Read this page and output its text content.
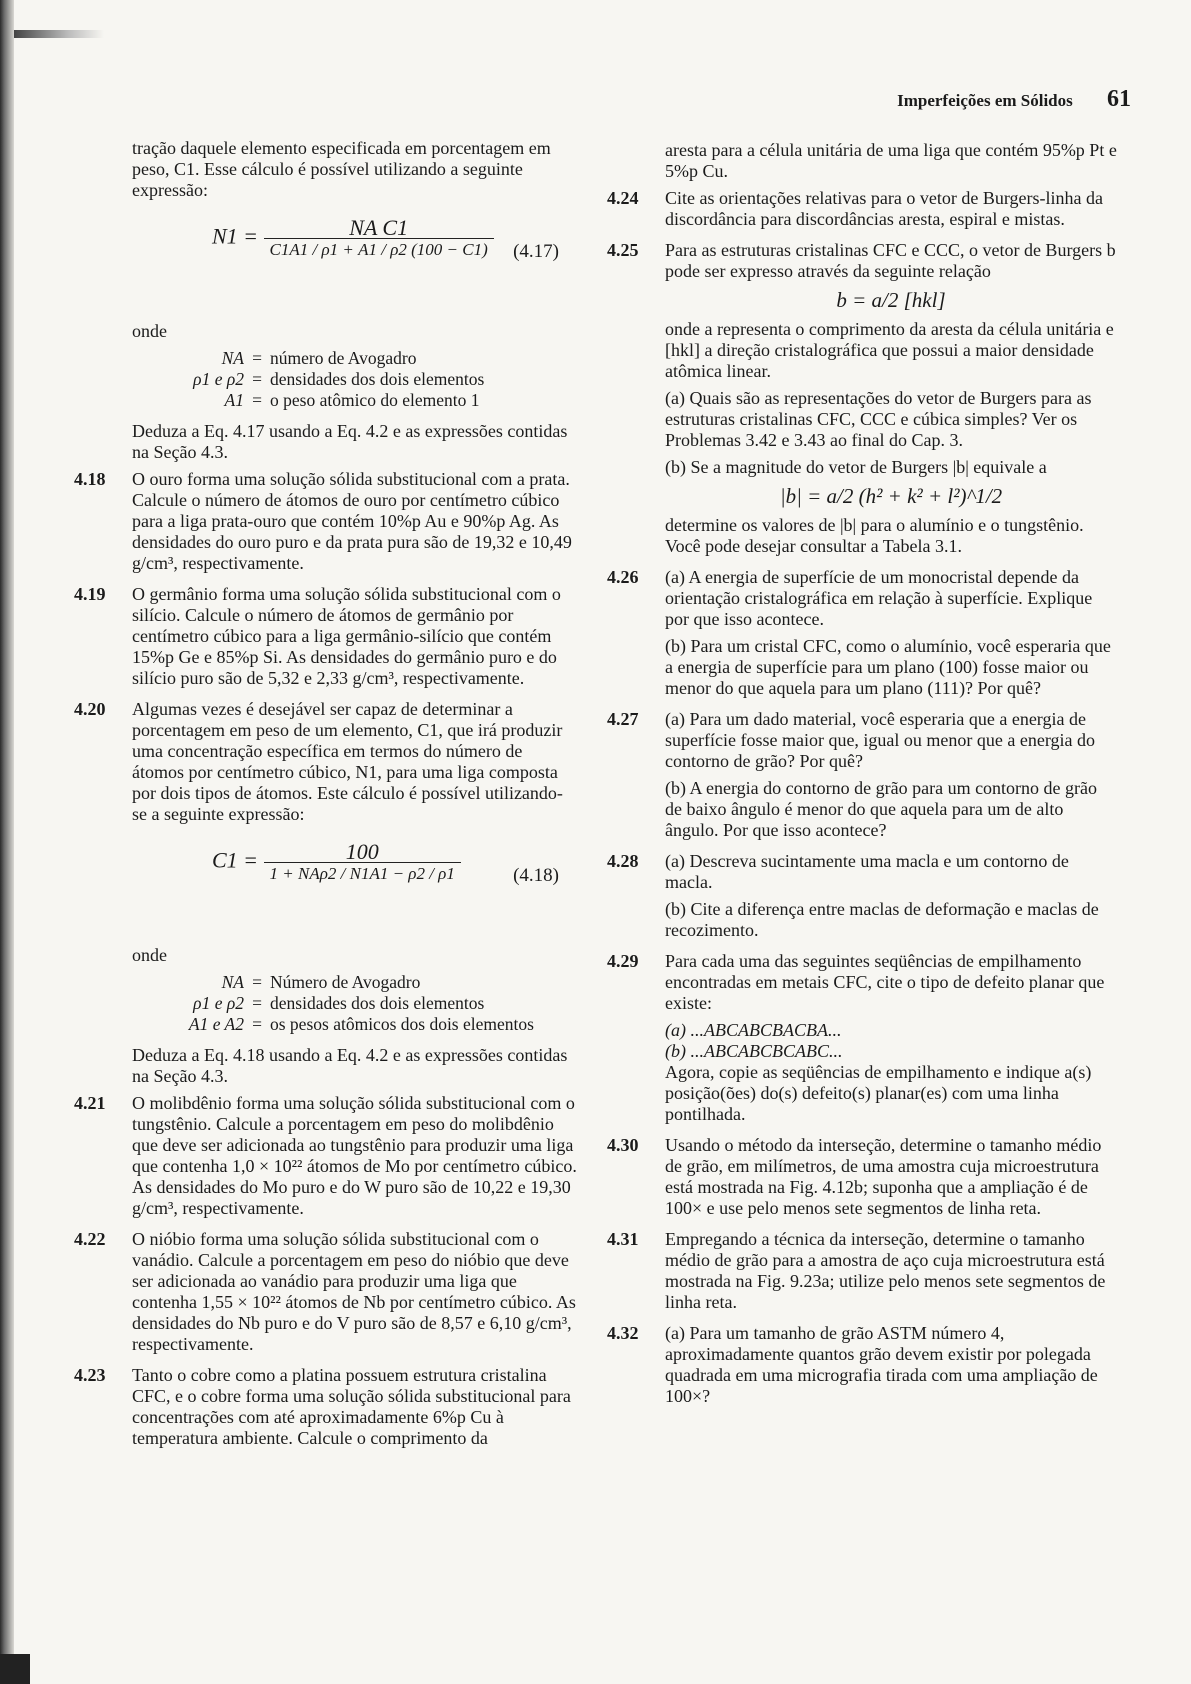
Imperfeições em Sólidos 61

tração daquele elemento especificada em porcentagem em peso, C1. Esse cálculo é possível utilizando a seguinte expressão:

$N1 = \frac{\text{NA C1}}{C1A1 / \rho 1 + A1 / \rho 2 (100 - C1)} (4.17)$

onde

NA = número de Avogadro
ρ1 e ρ2 = densidades dos dois elementos
A1 = o peso atômico do elemento 1

Deduza a Eq. 4.17 usando a Eq. 4.2 e as expressões contidas na Seção 4.3.

4.18 O ouro forma uma solução sólida substitucional com a prata. Calcule o número de átomos de ouro por centímetro cúbico para a liga prata-ouro que contém 10%p Au e 90%p Ag. As densidades do ouro puro e da prata pura são de 19,32 e 10,49 g/cm³, respectivamente.

4.19 O germânio forma uma solução sólida substitucional com o silício. Calcule o número de átomos de germânio por centímetro cúbico para a liga germânio-silício que contém 15%p Ge e 85%p Si. As densidades do germânio puro e do silício puro são de 5,32 e 2,33 g/cm³, respectivamente.

4.20 Algumas vezes é desejável ser capaz de determinar a porcentagem em peso de um elemento, C1, que irá produzir uma concentração específica em termos do número de átomos por centímetro cúbico, N1, para uma liga composta por dois tipos de átomos. Este cálculo é possível utilizando-se a seguinte expressão:

$C1 = \frac{100}{\text{1 + NAρ2 / N1A1 − ρ2 / ρ1}}$	(4.18)

onde

NA = Número de Avogadro
ρ1 e ρ2 = densidades dos dois elementos
A1 e A2 = os pesos atômicos dos dois elementos

Deduza a Eq. 4.18 usando a Eq. 4.2 e as expressões contidas na Seção 4.3.

4.21 O molibdênio forma uma solução sólida substitucional com o tungstênio. Calcule a porcentagem em peso do molibdênio que deve ser adicionada ao tungstênio para produzir uma liga que contenha 1,0 × 10²² átomos de Mo por centímetro cúbico. As densidades do Mo puro e do W puro são de 10,22 e 19,30 g/cm³, respectivamente.

4.22 O nióbio forma uma solução sólida substitucional com o vanádio. Calcule a porcentagem em peso do nióbio que deve ser adicionada ao vanádio para produzir uma liga que contenha 1,55 × 10²² átomos de Nb por centímetro cúbico. As densidades do Nb puro e do V puro são de 8,57 e 6,10 g/cm³, respectivamente.

4.23 Tanto o cobre como a platina possuem estrutura cristalina CFC, e o cobre forma uma solução sólida substitucional para concentrações com até aproximadamente 6%p Cu à temperatura ambiente. Calcule o comprimento da

aresta para a célula unitária de uma liga que contém 95%p Pt e 5%p Cu.

4.24 Cite as orientações relativas para o vetor de Burgers-linha da discordância para discordâncias aresta, espiral e mistas.

4.25 Para as estruturas cristalinas CFC e CCC, o vetor de Burgers b pode ser expresso através da seguinte relação

b = a/2 [hkl]

onde a representa o comprimento da aresta da célula unitária e [hkl] a direção cristalográfica que possui a maior densidade atômica linear.

(a) Quais são as representações do vetor de Burgers para as estruturas cristalinas CFC, CCC e cúbica simples? Ver os Problemas 3.42 e 3.43 ao final do Cap. 3.

(b) Se a magnitude do vetor de Burgers |b| equivale a

|b| = a/2 (h² + k² + l²)^1/2

determine os valores de |b| para o alumínio e o tungstênio. Você pode desejar consultar a Tabela 3.1.

4.26 (a) A energia de superfície de um monocristal depende da orientação cristalográfica em relação à superfície. Explique por que isso acontece.

(b) Para um cristal CFC, como o alumínio, você esperaria que a energia de superfície para um plano (100) fosse maior ou menor do que aquela para um plano (111)? Por quê?

4.27 (a) Para um dado material, você esperaria que a energia de superfície fosse maior que, igual ou menor que a energia do contorno de grão? Por quê?

(b) A energia do contorno de grão para um contorno de grão de baixo ângulo é menor do que aquela para um de alto ângulo. Por que isso acontece?

4.28 (a) Descreva sucintamente uma macla e um contorno de macla.

(b) Cite a diferença entre maclas de deformação e maclas de recozimento.

4.29 Para cada uma das seguintes seqüências de empilhamento encontradas em metais CFC, cite o tipo de defeito planar que existe:

(a) ...ABCABCBACBA...

(b) ...ABCABCBCABC...

Agora, copie as seqüências de empilhamento e indique a(s) posição(ões) do(s) defeito(s) planar(es) com uma linha pontilhada.

4.30 Usando o método da interseção, determine o tamanho médio de grão, em milímetros, de uma amostra cuja microestrutura está mostrada na Fig. 4.12b; suponha que a ampliação é de 100× e use pelo menos sete segmentos de linha reta.

4.31 Empregando a técnica da interseção, determine o tamanho médio de grão para a amostra de aço cuja microestrutura está mostrada na Fig. 9.23a; utilize pelo menos sete segmentos de linha reta.

4.32 (a) Para um tamanho de grão ASTM número 4, aproximadamente quantos grão devem existir por polegada quadrada em uma micrografia tirada com uma ampliação de 100×?
